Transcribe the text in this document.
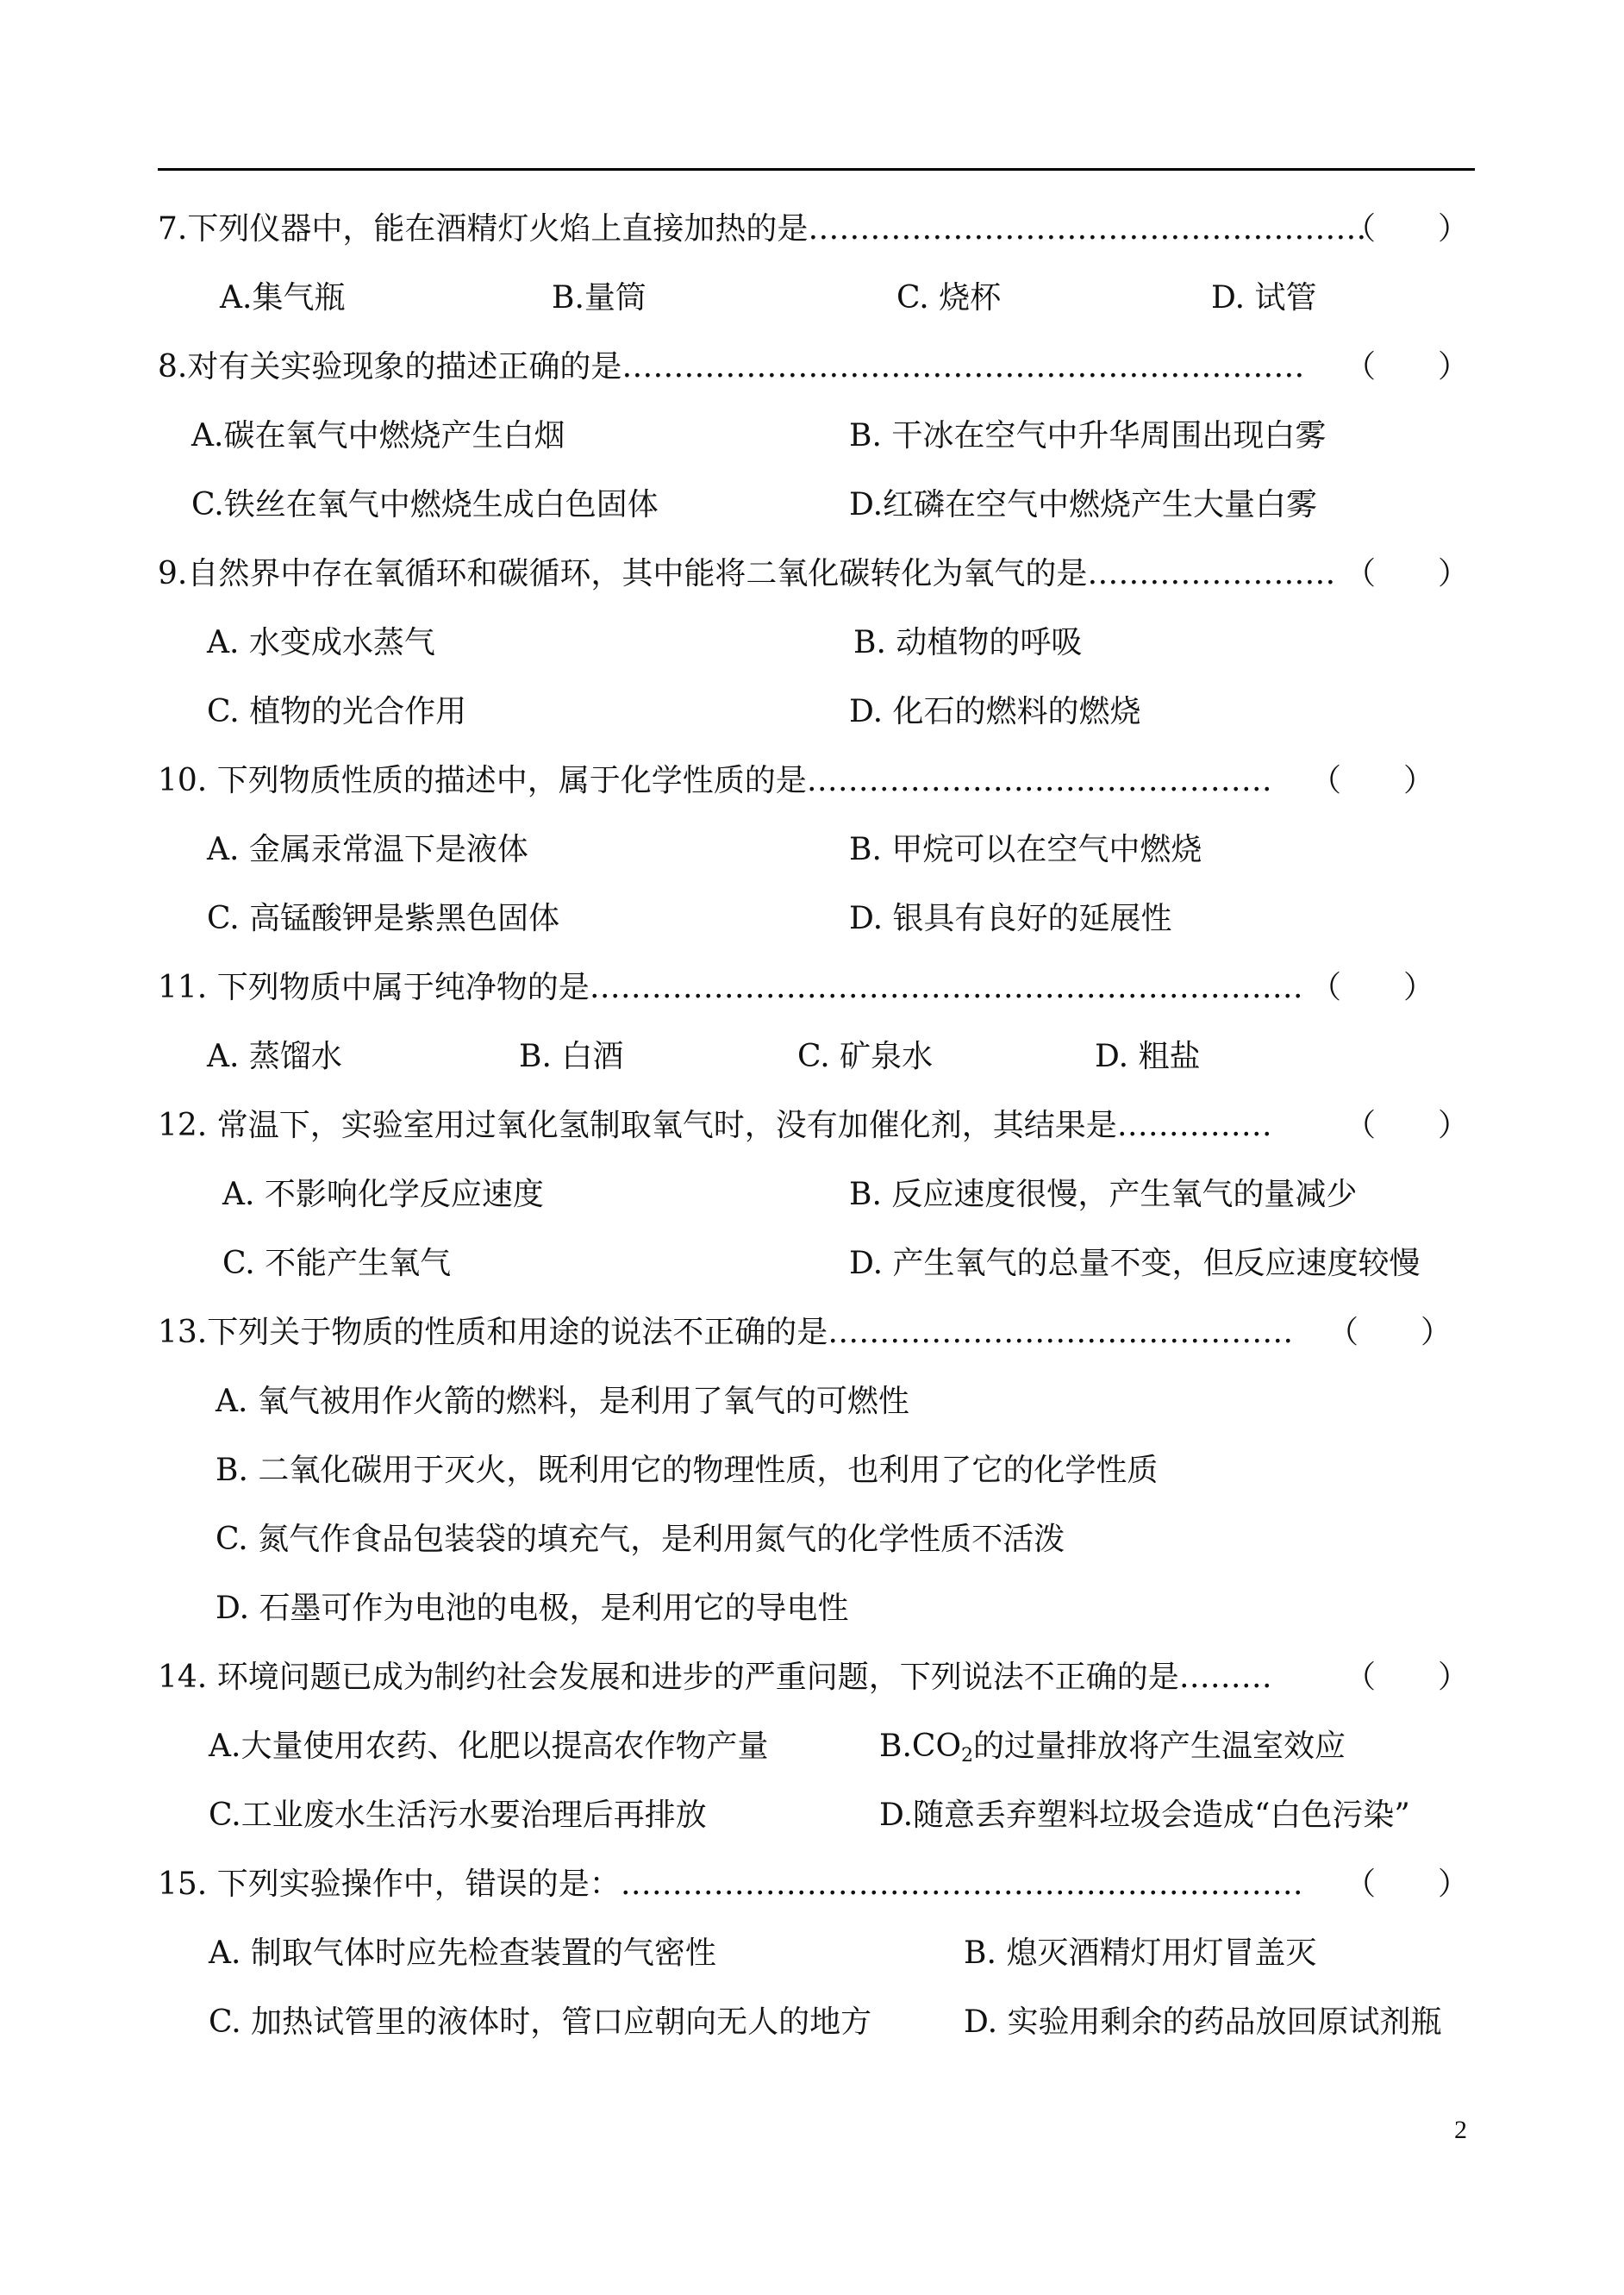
7.下列仪器中，能在酒精灯火焰上直接加热的是………………………………………………
（　　）
A.集气瓶	B.量筒	C. 烧杯	D. 试管
8.对有关实验现象的描述正确的是………………………………………………………… （　　）
A.碳在氧气中燃烧产生白烟	B. 干冰在空气中升华周围出现白雾
C.铁丝在氧气中燃烧生成白色固体	D.红磷在空气中燃烧产生大量白雾
9.自然界中存在氧循环和碳循环，其中能将二氧化碳转化为氧气的是…………………… （　　）
A. 水变成水蒸气	B. 动植物的呼吸
C. 植物的光合作用	D. 化石的燃料的燃烧
10. 下列物质性质的描述中，属于化学性质的是……………………………………… （　　）
A. 金属汞常温下是液体	B. 甲烷可以在空气中燃烧
C. 高锰酸钾是紫黑色固体	D. 银具有良好的延展性
11. 下列物质中属于纯净物的是…………………………………………………………… （　　）
A. 蒸馏水	B. 白酒	C. 矿泉水	D. 粗盐
12. 常温下，实验室用过氧化氢制取氧气时，没有加催化剂，其结果是…………… （　　）
A. 不影响化学反应速度	B. 反应速度很慢，产生氧气的量减少
C. 不能产生氧气	D. 产生氧气的总量不变，但反应速度较慢
13.下列关于物质的性质和用途的说法不正确的是……………………………………… （　　）
A. 氧气被用作火箭的燃料，是利用了氧气的可燃性
B. 二氧化碳用于灭火，既利用它的物理性质，也利用了它的化学性质
C. 氮气作食品包装袋的填充气，是利用氮气的化学性质不活泼
D. 石墨可作为电池的电极，是利用它的导电性
14. 环境问题已成为制约社会发展和进步的严重问题，下列说法不正确的是……… （　　）
A.大量使用农药、化肥以提高农作物产量	$B.CO_2$的过量排放将产生温室效应
C.工业废水生活污水要治理后再排放	D.随意丢弃塑料垃圾会造成“白色污染”
15. 下列实验操作中，错误的是：………………………………………………………… （　　）
A. 制取气体时应先检查装置的气密性	B. 熄灭酒精灯用灯冒盖灭
C. 加热试管里的液体时，管口应朝向无人的地方	D. 实验用剩余的药品放回原试剂瓶
2
